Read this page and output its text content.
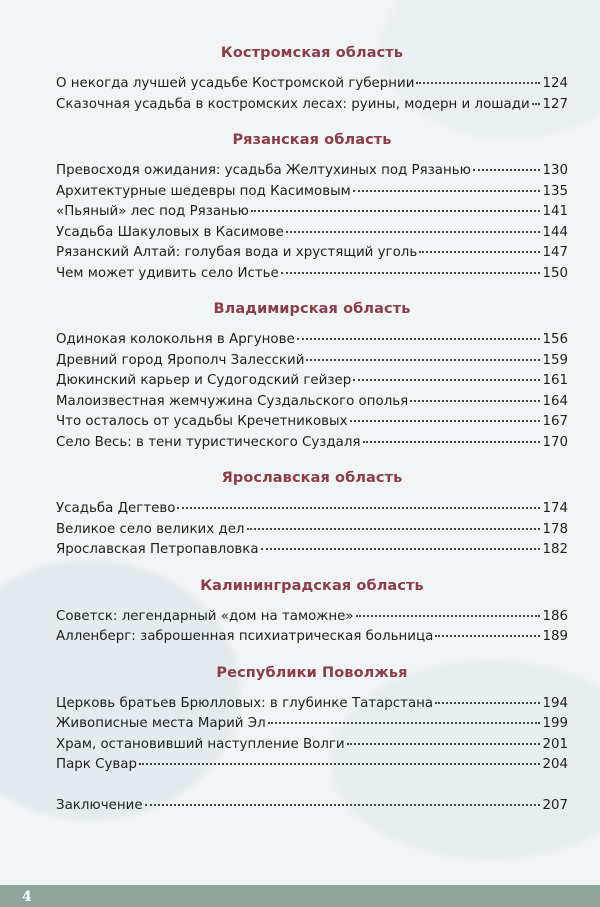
Костромская область
О некогда лучшей усадьбе Костромской губернии	124
Сказочная усадьба в костромских лесах: руины, модерн и лошади 127
Рязанская область
Превосходя ожидания: усадьба Желтухиных под Рязанью	130
Архитектурные шедевры под Касимовым	135
«Пьяный» лес под Рязанью	141
Усадьба Шакуловых в Касимове	144
Рязанский Алтай: голубая вода и хрустящий уголь	147
Чем может удивить село Истье	150
Владимирская область
Одинокая колокольня в Аргунове	156
Древний город Ярополч Залесский	159
Дюкинский карьер и Судогодский гейзер	161
Малоизвестная жемчужина Суздальского ополья	164
Что осталось от усадьбы Кречетниковых	167
Село Весь: в тени туристического Суздаля	170
Ярославская область
Усадьба Дегтево	174
Великое село великих дел	178
Ярославская Петропавловка	182
Калининградская область
Советск: легендарный «дом на таможне»	186
Алленберг: заброшенная психиатрическая больница	189
Республики Поволжья
Церковь братьев Брюлловых: в глубинке Татарстана	194
Живописные места Марий Эл	199
Храм, остановивший наступление Волги	201
Парк Сувар	204
Заключение	207
4
